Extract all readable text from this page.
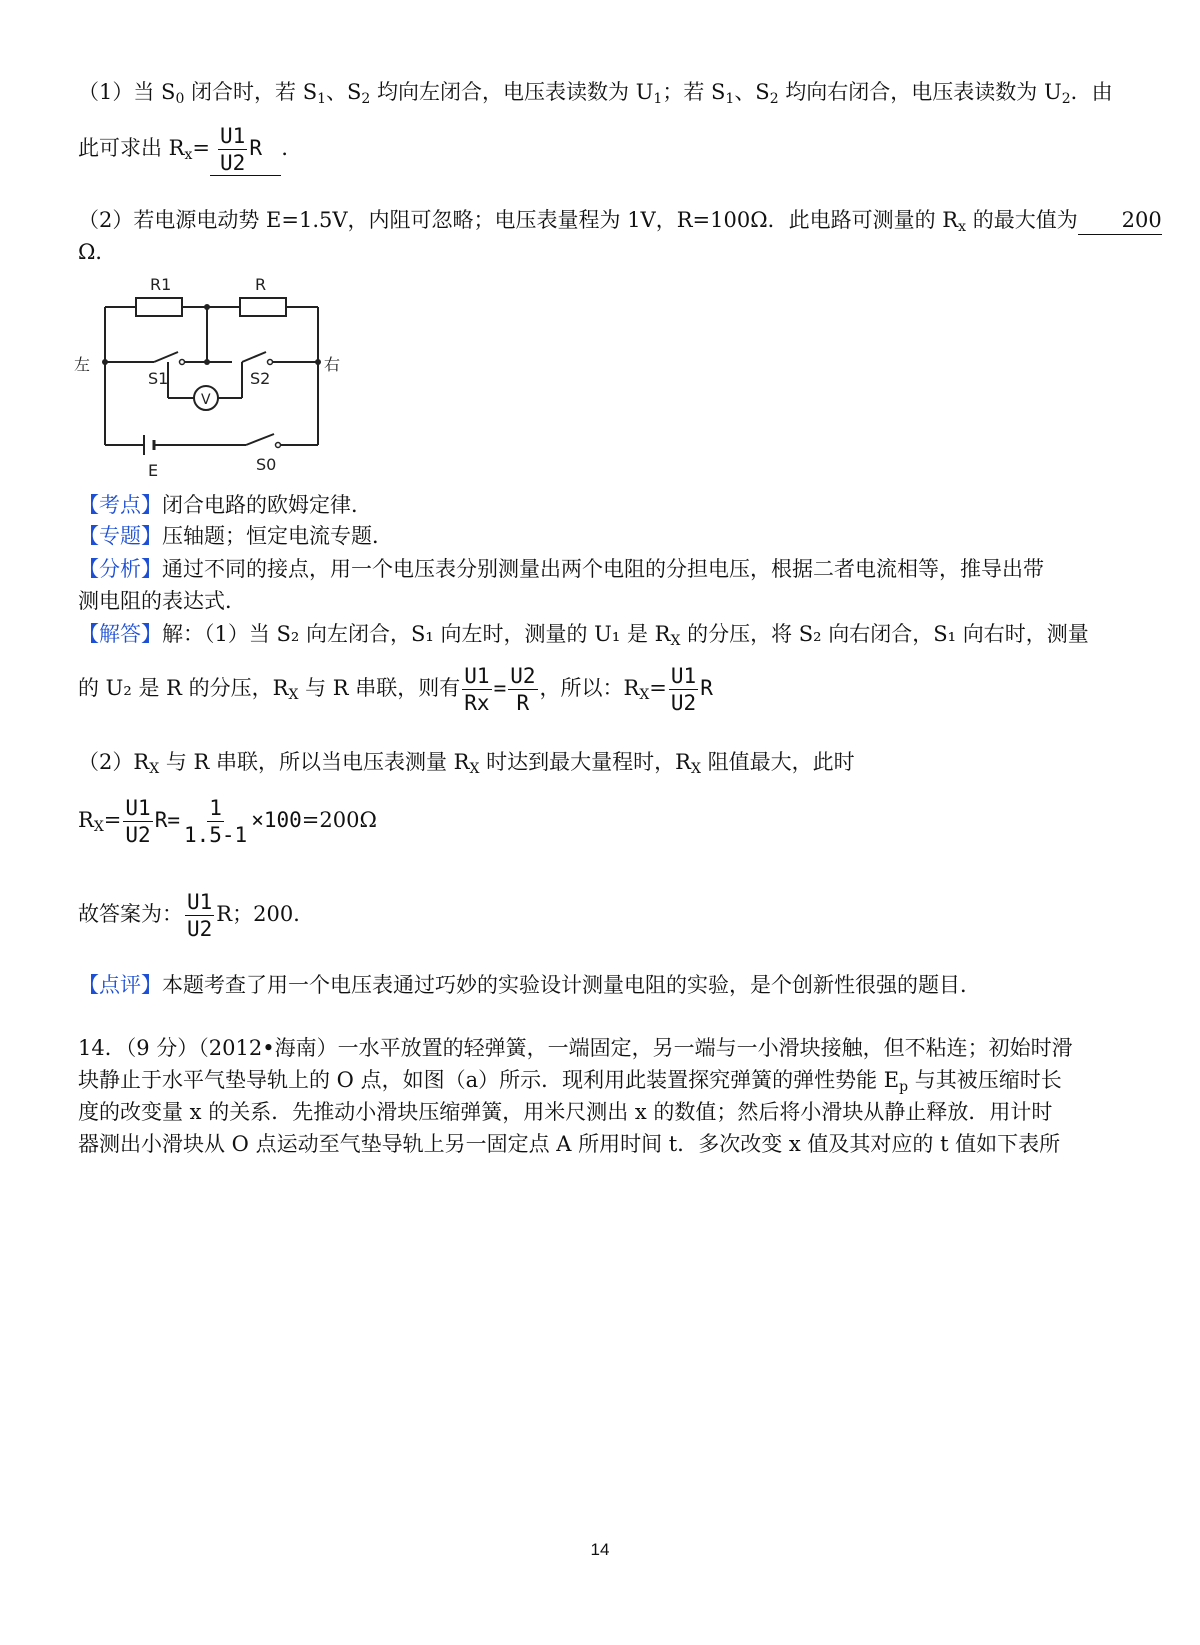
（1）当 $S_0$ 闭合时，若 $S_1$、$S_2$ 均向左闭合，电压表读数为 $U_1$；若 $S_1$、$S_2$ 均向右闭合，电压表读数为 $U_2$．由
此可求出 $R_x= \frac{U1}{U2}$ R ．
（2）若电源电动势 E=1.5V，内阻可忽略；电压表量程为 1V，R=100Ω．此电路可测量的 $R_x$ 的最大值为 200
Ω．
R1	R
左	右
S1	S2
V
E	S0
【考点】闭合电路的欧姆定律．
【专题】压轴题；恒定电流专题．
【分析】通过不同的接点，用一个电压表分别测量出两个电阻的分担电压，根据二者电流相等，推导出带
测电阻的表达式．
【解答】解：（1）当 S₂ 向左闭合，S₁ 向左时，测量的 U₁ 是 $R_X$ 的分压，将 S₂ 向右闭合，S₁ 向右时，测量
的 U₂ 是 R 的分压，$R_X$ 与 R 串联，则有 $\frac{U1}{Rx} = \frac{U2}{R}$ ，所以：$R_X= \frac{U1}{U2}$ R
$(2)R_X$ 与 R 串联，所以当电压表测量 $R_X$ 时达到最大量程时，$R_X$ 阻值最大，此时
$R_X= \frac{U1}{U2} R= \frac{1}{1.5-1} \times 100=200\Omega$
故答案为： $\frac{U1}{U2}$ R；200．
【点评】本题考查了用一个电压表通过巧妙的实验设计测量电阻的实验，是个创新性很强的题目．
14．（9 分）（2012•海南）一水平放置的轻弹簧，一端固定，另一端与一小滑块接触，但不粘连；初始时滑
块静止于水平气垫导轨上的 O 点，如图（a）所示．现利用此装置探究弹簧的弹性势能 $E_p$ 与其被压缩时长
度的改变量 x 的关系．先推动小滑块压缩弹簧，用米尺测出 x 的数值；然后将小滑块从静止释放．用计时
器测出小滑块从 O 点运动至气垫导轨上另一固定点 A 所用时间 t．多次改变 x 值及其对应的 t 值如下表所
14
